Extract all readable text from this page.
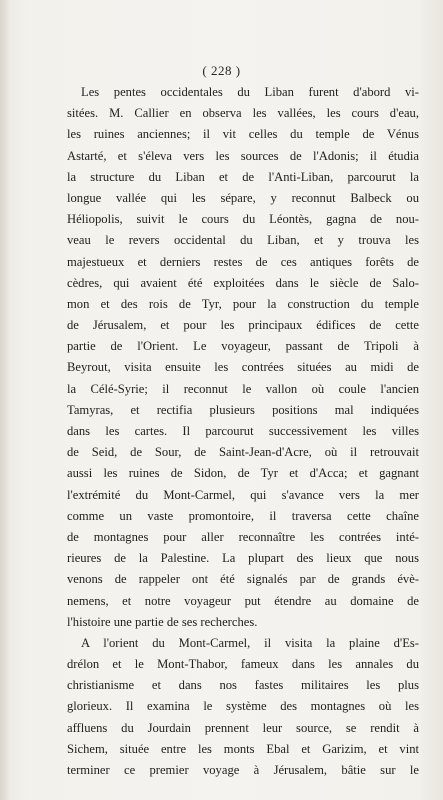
( 228 )
Les pentes occidentales du Liban furent d'abord vi-
sitées. M. Callier en observa les vallées, les cours d'eau,
les ruines anciennes; il vit celles du temple de Vénus
Astarté, et s'éleva vers les sources de l'Adonis; il étudia
la structure du Liban et de l'Anti-Liban, parcourut la
longue vallée qui les sépare, y reconnut Balbeck ou
Héliopolis, suivit le cours du Léontès, gagna de nou-
veau le revers occidental du Liban, et y trouva les
majestueux et derniers restes de ces antiques forêts de
cèdres, qui avaient été exploitées dans le siècle de Salo-
mon et des rois de Tyr, pour la construction du temple
de Jérusalem, et pour les principaux édifices de cette
partie de l'Orient. Le voyageur, passant de Tripoli à
Beyrout, visita ensuite les contrées situées au midi de
la Célé-Syrie; il reconnut le vallon où coule l'ancien
Tamyras, et rectifia plusieurs positions mal indiquées
dans les cartes. Il parcourut successivement les villes
de Seid, de Sour, de Saint-Jean-d'Acre, où il retrouvait
aussi les ruines de Sidon, de Tyr et d'Acca; et gagnant
l'extrémité du Mont-Carmel, qui s'avance vers la mer
comme un vaste promontoire, il traversa cette chaîne
de montagnes pour aller reconnaître les contrées inté-
rieures de la Palestine. La plupart des lieux que nous
venons de rappeler ont été signalés par de grands évè-
nemens, et notre voyageur put étendre au domaine de
l'histoire une partie de ses recherches.
A l'orient du Mont-Carmel, il visita la plaine d'Es-
drélon et le Mont-Thabor, fameux dans les annales du
christianisme et dans nos fastes militaires les plus
glorieux. Il examina le système des montagnes où les
affluens du Jourdain prennent leur source, se rendit à
Sichem, située entre les monts Ebal et Garizim, et vint
terminer ce premier voyage à Jérusalem, bâtie sur le
